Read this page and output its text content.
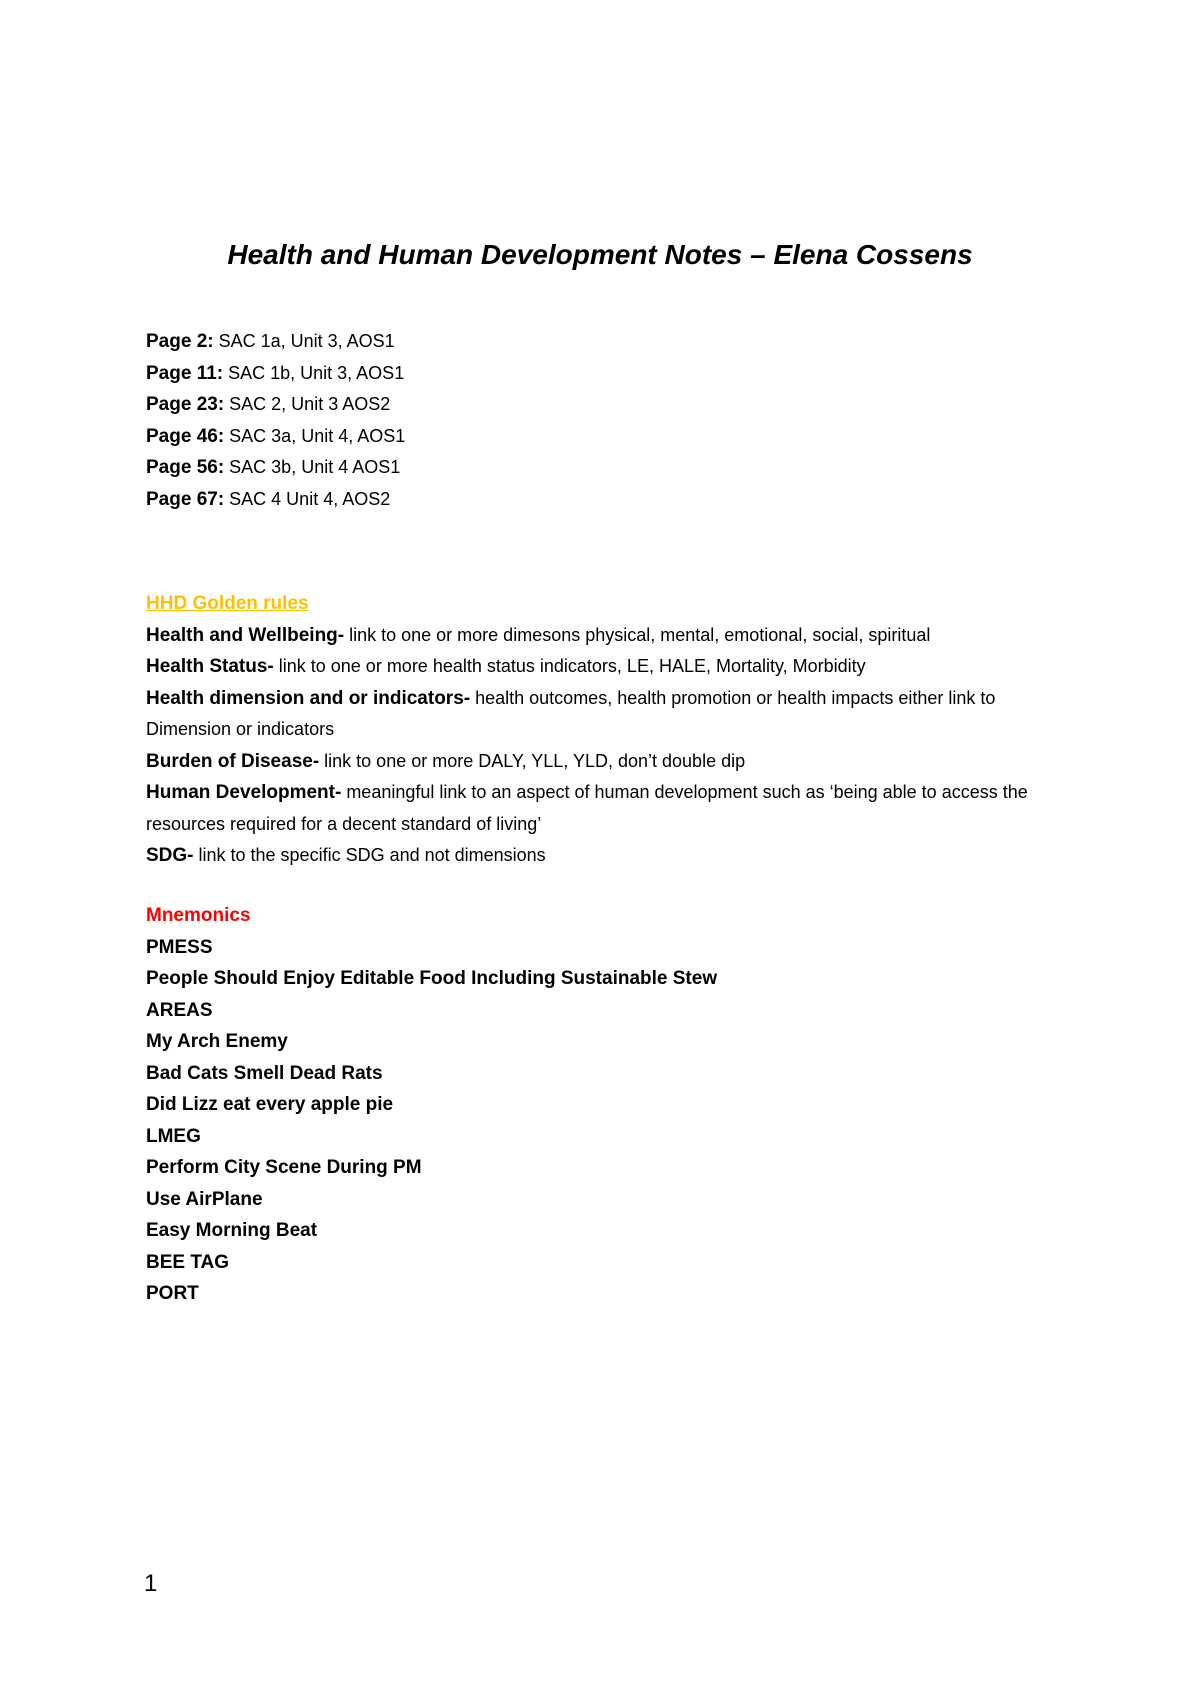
Health and Human Development Notes – Elena Cossens
Page 2: SAC 1a, Unit 3, AOS1
Page 11: SAC 1b, Unit 3, AOS1
Page 23: SAC 2, Unit 3 AOS2
Page 46: SAC 3a, Unit 4, AOS1
Page 56: SAC 3b, Unit 4 AOS1
Page 67: SAC 4 Unit 4, AOS2
HHD Golden rules
Health and Wellbeing- link to one or more dimesons physical, mental, emotional, social, spiritual
Health Status- link to one or more health status indicators, LE, HALE, Mortality, Morbidity
Health dimension and or indicators- health outcomes, health promotion or health impacts either link to Dimension or indicators
Burden of Disease- link to one or more DALY, YLL, YLD, don’t double dip
Human Development- meaningful link to an aspect of human development such as ‘being able to access the resources required for a decent standard of living’
SDG- link to the specific SDG and not dimensions
Mnemonics
PMESS
People Should Enjoy Editable Food Including Sustainable Stew
AREAS
My Arch Enemy
Bad Cats Smell Dead Rats
Did Lizz eat every apple pie
LMEG
Perform City Scene During PM
Use AirPlane
Easy Morning Beat
BEE TAG
PORT
1
